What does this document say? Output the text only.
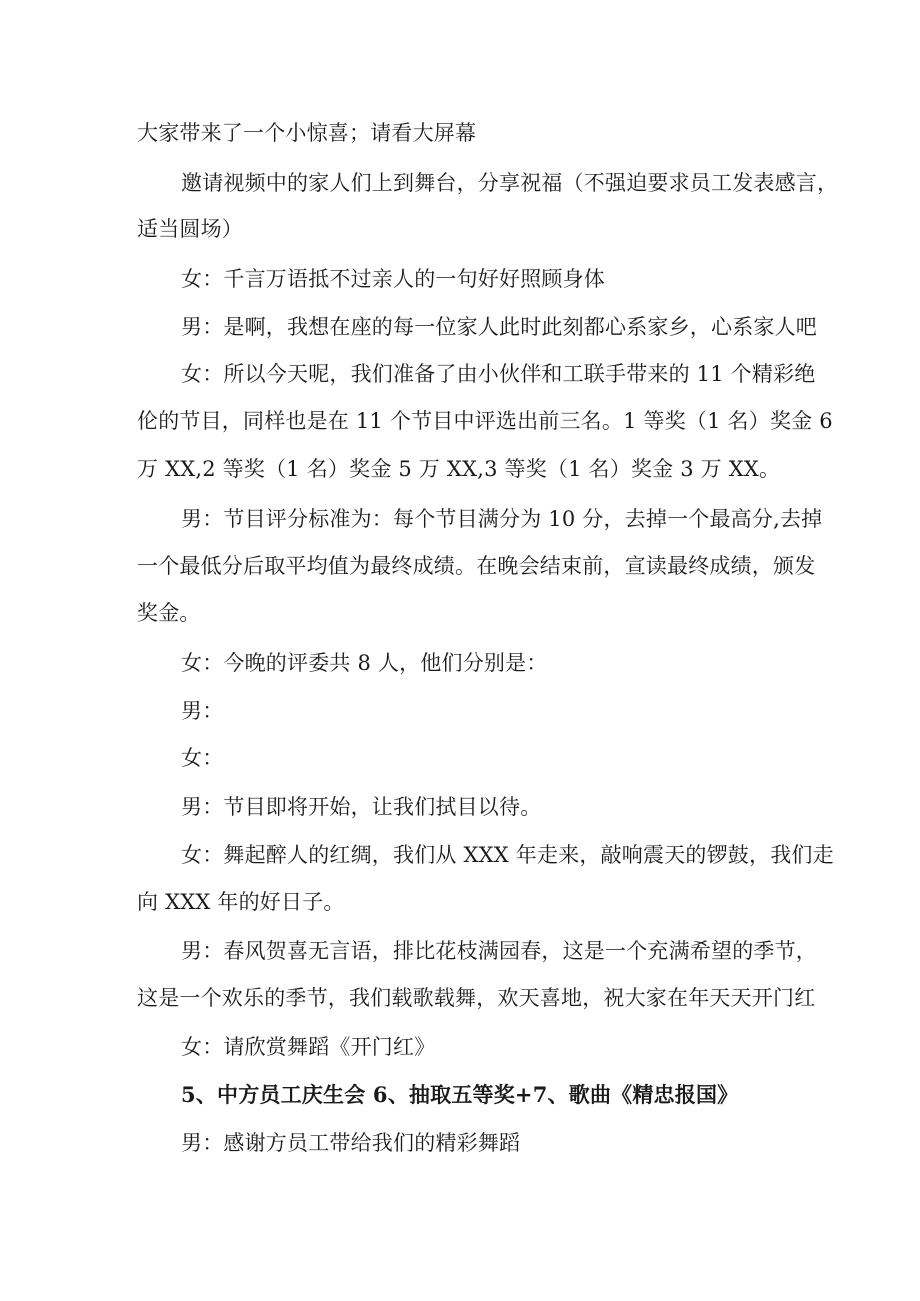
大家带来了一个小惊喜；请看大屏幕
邀请视频中的家人们上到舞台，分享祝福（不强迫要求员工发表感言，
适当圆场）
女：千言万语抵不过亲人的一句好好照顾身体
男：是啊，我想在座的每一位家人此时此刻都心系家乡，心系家人吧
女：所以今天呢，我们准备了由小伙伴和工联手带来的 11 个精彩绝
伦的节目，同样也是在 11 个节目中评选出前三名。1 等奖（1 名）奖金 6
万 XX,2 等奖（1 名）奖金 5 万 XX,3 等奖（1 名）奖金 3 万 XX。
男：节目评分标准为：每个节目满分为 10 分，去掉一个最高分,去掉
一个最低分后取平均值为最终成绩。在晚会结束前，宣读最终成绩，颁发
奖金。
女：今晚的评委共 8 人，他们分别是：
男：
女：
男：节目即将开始，让我们拭目以待。
女：舞起醉人的红绸，我们从 XXX 年走来，敲响震天的锣鼓，我们走
向 XXX 年的好日子。
男：春风贺喜无言语，排比花枝满园春，这是一个充满希望的季节，
这是一个欢乐的季节，我们载歌载舞，欢天喜地，祝大家在年天天开门红
女：请欣赏舞蹈《开门红》
5、中方员工庆生会 6、抽取五等奖+7、歌曲《精忠报国》
男：感谢方员工带给我们的精彩舞蹈
